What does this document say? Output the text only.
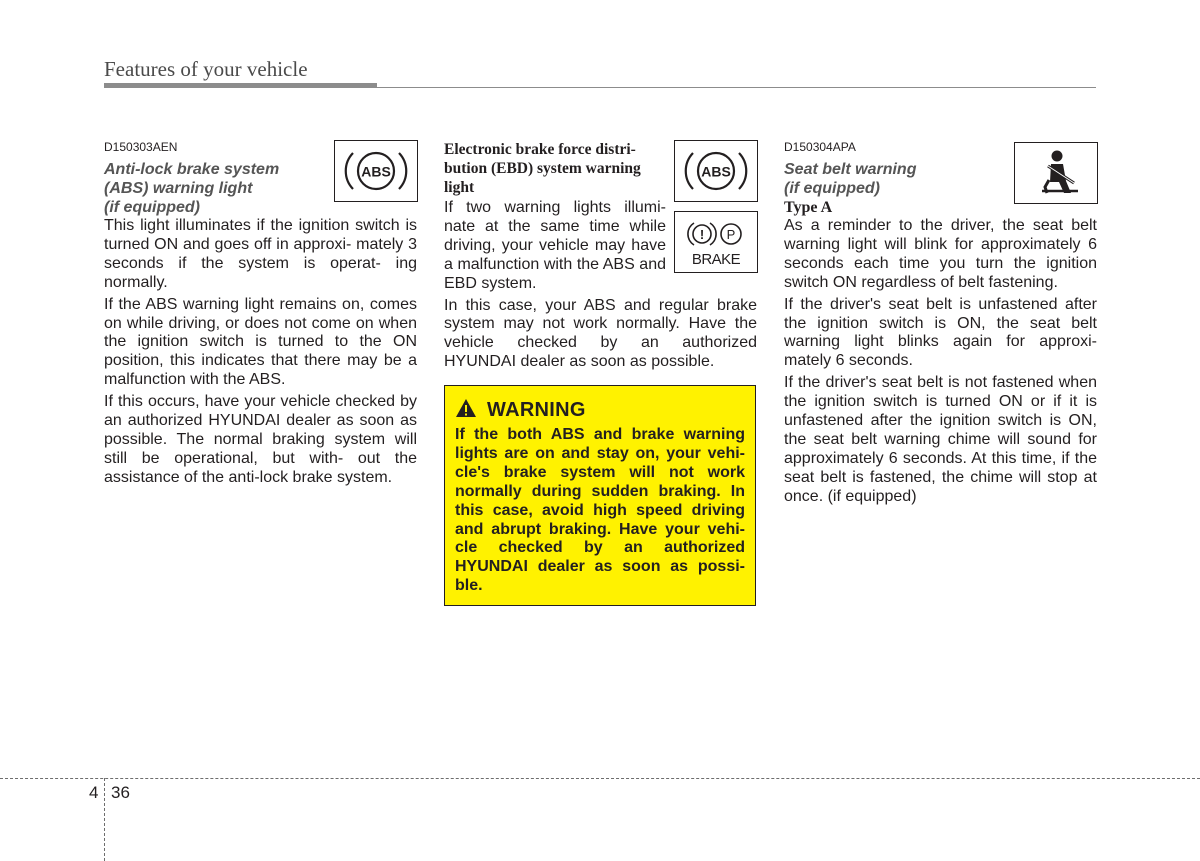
Features of your vehicle

D150303AEN

Anti-lock brake system

(ABS) warning light

(if equipped)

This light illuminates if the ignition switch is turned ON and goes off in approxi- mately 3 seconds if the system is operat- ing normally.

If the ABS warning light remains on, comes on while driving, or does not come on when the ignition switch is turned to the ON position, this indicates that there may be a malfunction with the ABS.

If this occurs, have your vehicle checked by an authorized HYUNDAI dealer as soon as possible. The normal braking system will still be operational, but with- out the assistance of the anti-lock brake system.

ABS

Electronic brake force distri-

bution (EBD) system warning

light

If two warning lights illumi- nate at the same time while driving, your vehicle may have a malfunction with the ABS and EBD system.

In this case, your ABS and regular brake system may not work normally. Have the vehicle checked by an authorized HYUNDAI dealer as soon as possible.

ABS
! P
BRAKE
WARNING

If the both ABS and brake warning lights are on and stay on, your vehi- cle's brake system will not work normally during sudden braking. In this case, avoid high speed driving and abrupt braking. Have your vehi- cle checked by an authorized HYUNDAI dealer as soon as possi- ble.

D150304APA

Seat belt warning

(if equipped)

Type A

As a reminder to the driver, the seat belt warning light will blink for approximately 6 seconds each time you turn the ignition switch ON regardless of belt fastening.

If the driver's seat belt is unfastened after the ignition switch is ON, the seat belt warning light blinks again for approxi- mately 6 seconds.

If the driver's seat belt is not fastened when the ignition switch is turned ON or if it is unfastened after the ignition switch is ON, the seat belt warning chime will sound for approximately 6 seconds. At this time, if the seat belt is fastened, the chime will stop at once. (if equipped)

4 36
